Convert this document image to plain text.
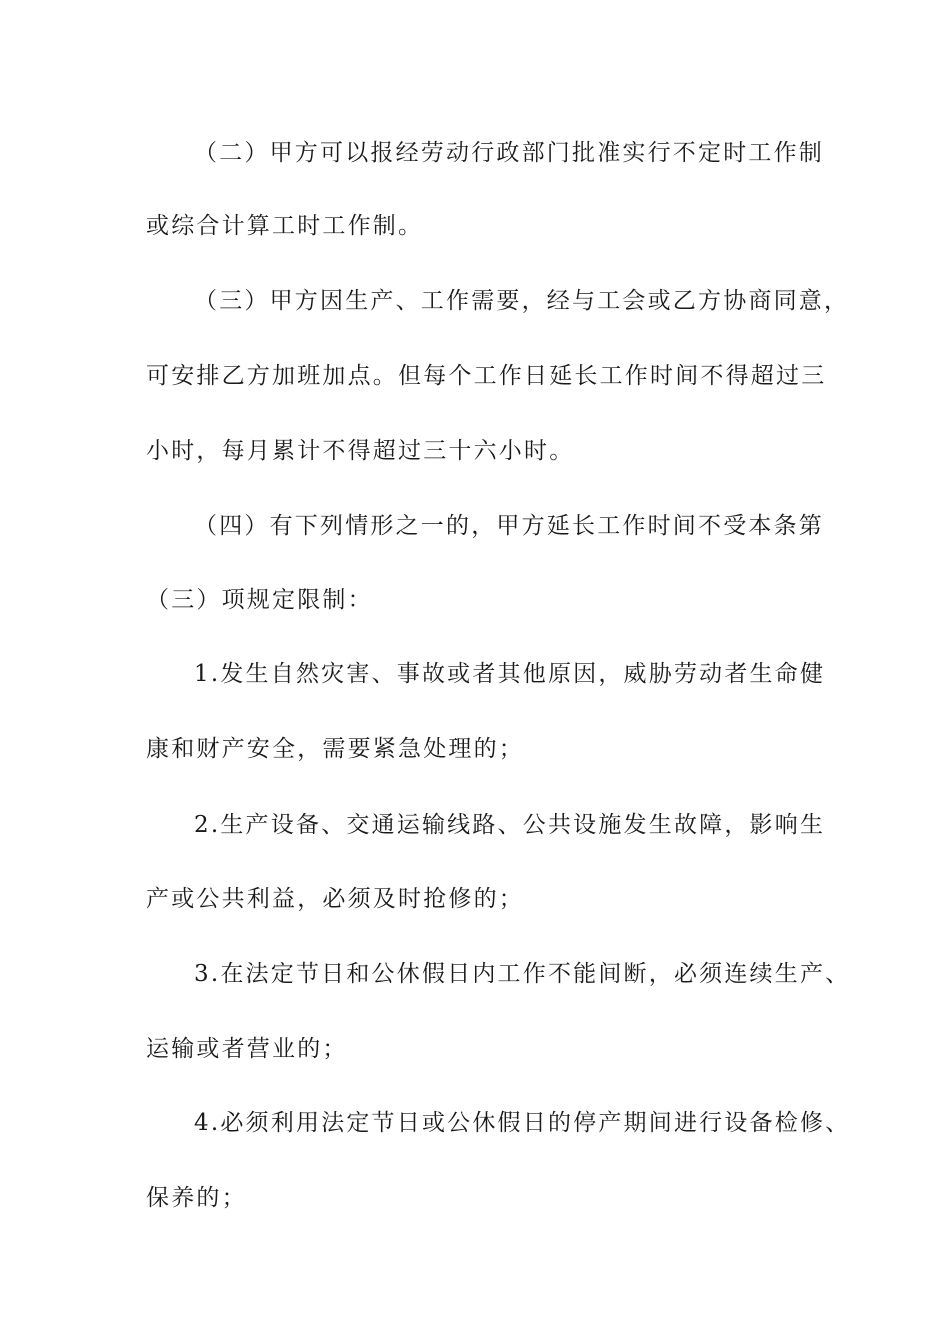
（二）甲方可以报经劳动行政部门批准实行不定时工作制
或综合计算工时工作制。
（三）甲方因生产、工作需要，经与工会或乙方协商同意，
可安排乙方加班加点。但每个工作日延长工作时间不得超过三
小时，每月累计不得超过三十六小时。
（四）有下列情形之一的，甲方延长工作时间不受本条第
（三）项规定限制：
1.发生自然灾害、事故或者其他原因，威胁劳动者生命健
康和财产安全，需要紧急处理的；
2.生产设备、交通运输线路、公共设施发生故障，影响生
产或公共利益，必须及时抢修的；
3.在法定节日和公休假日内工作不能间断，必须连续生产、
运输或者营业的；
4.必须利用法定节日或公休假日的停产期间进行设备检修、
保养的；
